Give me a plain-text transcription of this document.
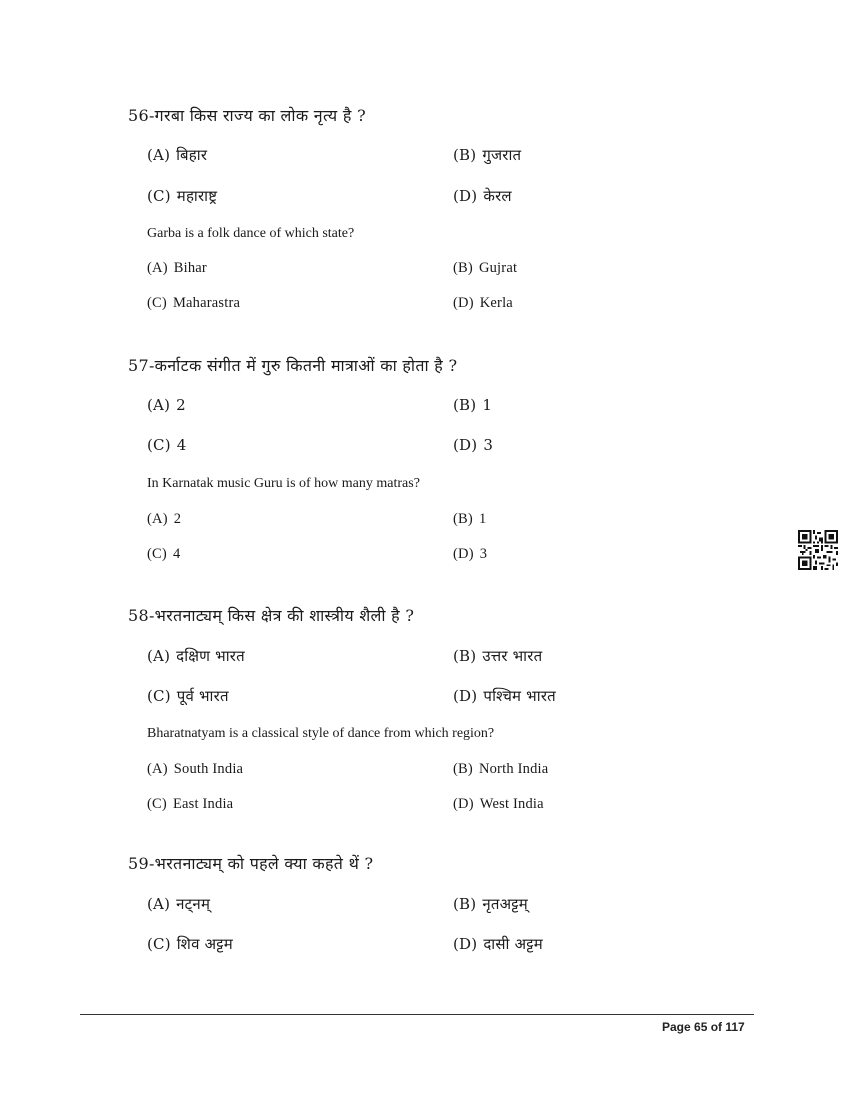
56-गरबा किस राज्य का लोक नृत्य है ?
(A) बिहार	(B) गुजरात
(C) महाराष्ट्र	(D) केरल
Garba is a folk dance of which state?
(A) Bihar	(B) Gujrat
(C) Maharastra	(D) Kerla
57-कर्नाटक संगीत में गुरु कितनी मात्राओं का होता है ?
(A) 2	(B) 1
(C) 4	(D) 3
In Karnatak music Guru is of how many matras?
(A) 2	(B) 1
(C) 4	(D) 3
58-भरतनाट्यम् किस क्षेत्र की शास्त्रीय शैली है ?
(A) दक्षिण भारत	(B) उत्तर भारत
(C) पूर्व भारत	(D) पश्चिम भारत
Bharatnatyam is a classical style of dance from which region?
(A) South India	(B) North India
(C) East India	(D) West India
59-भरतनाट्यम् को पहले क्या कहते थें ?
(A) नट्नम्	(B) नृतअट्टम्
(C) शिव अट्टम	(D) दासी अट्टम
Page 65 of 117
